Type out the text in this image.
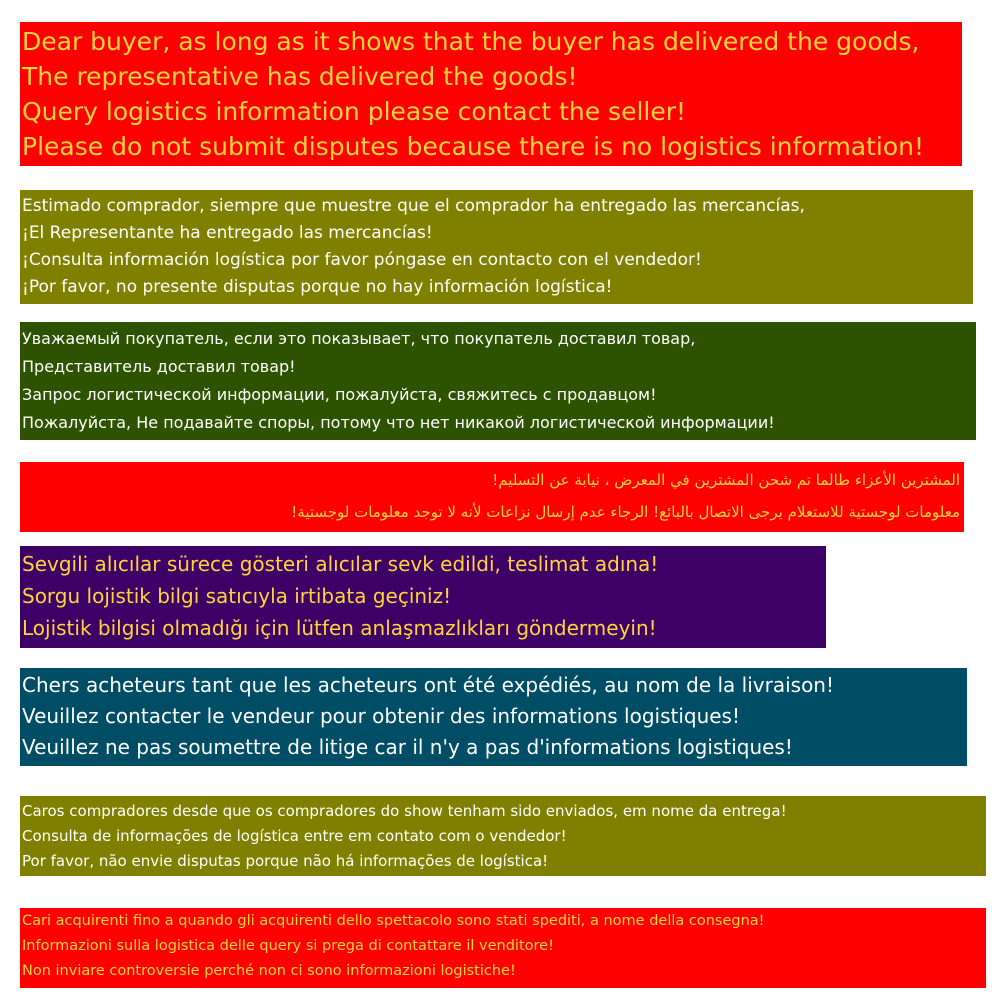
Dear buyer, as long as it shows that the buyer has delivered the goods,
The representative has delivered the goods!
Query logistics information please contact the seller!
Please do not submit disputes because there is no logistics information!
Estimado comprador, siempre que muestre que el comprador ha entregado las mercancías,
¡El Representante ha entregado las mercancías!
¡Consulta información logística por favor póngase en contacto con el vendedor!
¡Por favor, no presente disputas porque no hay información logística!
Уважаемый покупатель, если это показывает, что покупатель доставил товар,
Представитель доставил товар!
Запрос логистической информации, пожалуйста, свяжитесь с продавцом!
Пожалуйста, Не подавайте споры, потому что нет никакой логистической информации!
المشترين الأعزاء طالما تم شحن المشترين في المعرض ، نيابة عن التسليم!
معلومات لوجستية للاستعلام يرجى الاتصال بالبائع! الرجاء عدم إرسال نزاعات لأنه لا توجد معلومات لوجستية!
Sevgili alıcılar sürece gösteri alıcılar sevk edildi, teslimat adına!
Sorgu lojistik bilgi satıcıyla irtibata geçiniz!
Lojistik bilgisi olmadığı için lütfen anlaşmazlıkları göndermeyin!
Chers acheteurs tant que les acheteurs ont été expédiés, au nom de la livraison!
Veuillez contacter le vendeur pour obtenir des informations logistiques!
Veuillez ne pas soumettre de litige car il n'y a pas d'informations logistiques!
Caros compradores desde que os compradores do show tenham sido enviados, em nome da entrega!
Consulta de informações de logística entre em contato com o vendedor!
Por favor, não envie disputas porque não há informações de logística!
Cari acquirenti fino a quando gli acquirenti dello spettacolo sono stati spediti, a nome della consegna!
Informazioni sulla logistica delle query si prega di contattare il venditore!
Non inviare controversie perché non ci sono informazioni logistiche!
